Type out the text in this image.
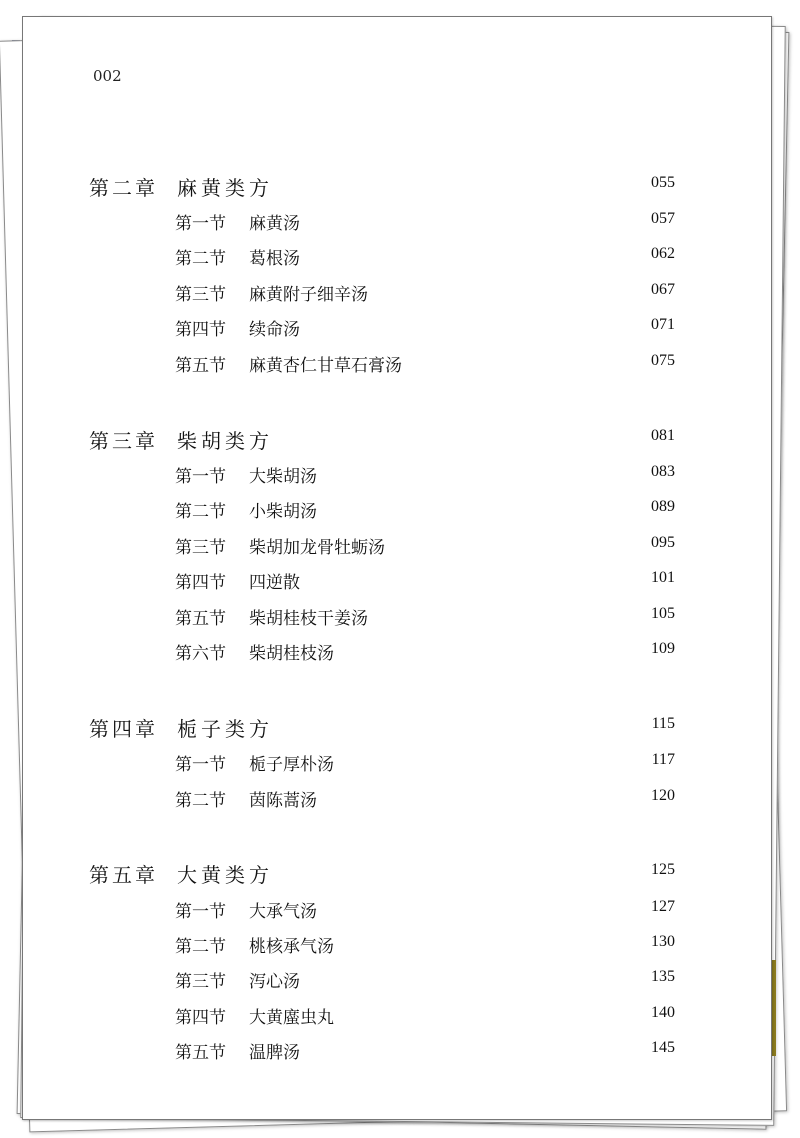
002
第二章 麻黄类方	055
第一节 麻黄汤	057
第二节 葛根汤	062
第三节 麻黄附子细辛汤	067
第四节 续命汤	071
第五节 麻黄杏仁甘草石膏汤	075
第三章 柴胡类方	081
第一节 大柴胡汤	083
第二节 小柴胡汤	089
第三节 柴胡加龙骨牡蛎汤	095
第四节 四逆散	101
第五节 柴胡桂枝干姜汤	105
第六节 柴胡桂枝汤	109
第四章 栀子类方	115
第一节 栀子厚朴汤	117
第二节 茵陈蒿汤	120
第五章 大黄类方	125
第一节 大承气汤	127
第二节 桃核承气汤	130
第三节 泻心汤	135
第四节 大黄䗪虫丸	140
第五节 温脾汤	145
